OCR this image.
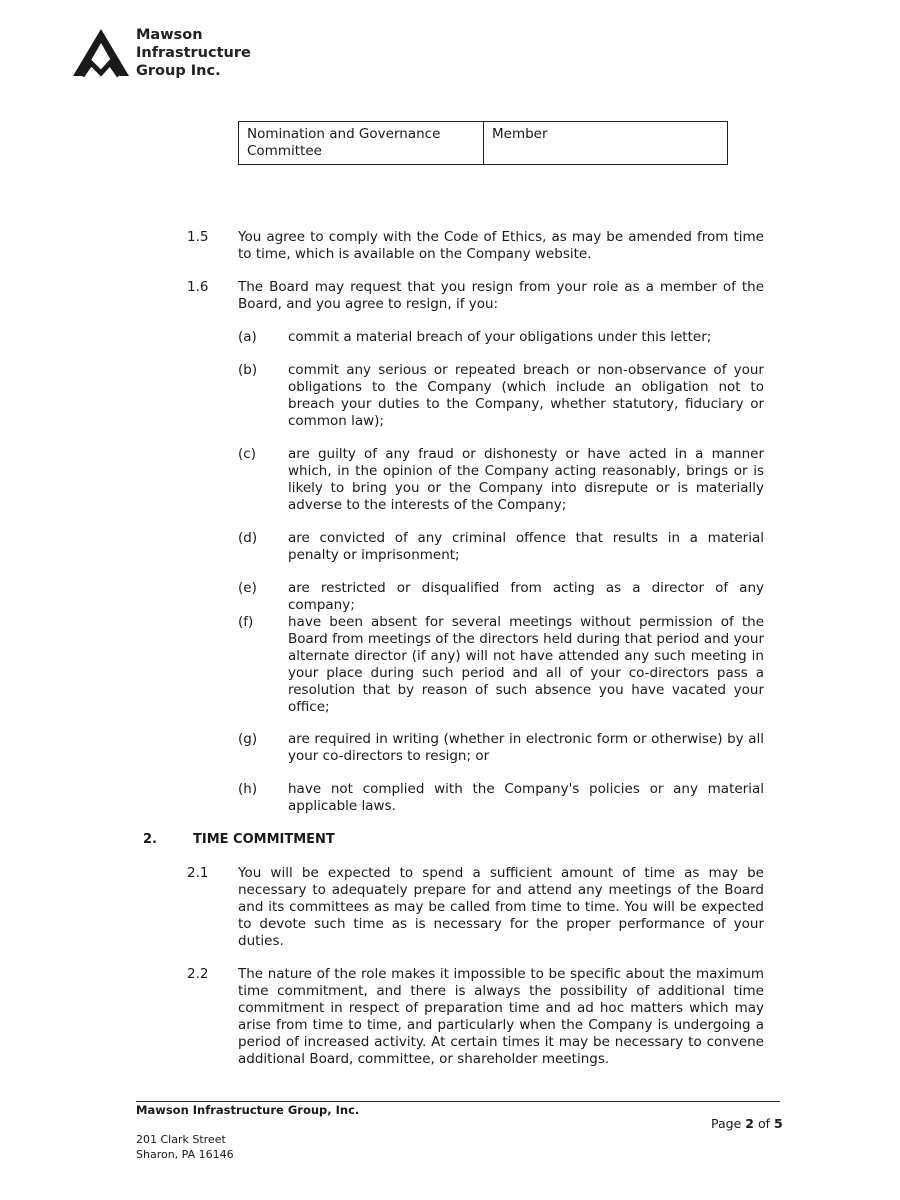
Mawson
Infrastructure
Group Inc.
Nomination and Governance Committee	Member
1.5 You agree to comply with the Code of Ethics, as may be amended from time to time, which is available on the Company website.
1.6 The Board may request that you resign from your role as a member of the Board, and you agree to resign, if you:
(a) commit a material breach of your obligations under this letter;
(b) commit any serious or repeated breach or non-observance of your obligations to the Company (which include an obligation not to breach your duties to the Company, whether statutory, fiduciary or common law);
(c) are guilty of any fraud or dishonesty or have acted in a manner which, in the opinion of the Company acting reasonably, brings or is likely to bring you or the Company into disrepute or is materially adverse to the interests of the Company;
(d) are convicted of any criminal offence that results in a material penalty or imprisonment;
(e) are restricted or disqualified from acting as a director of any company;
(f)	have been absent for several meetings without permission of the Board from meetings of the directors held during that period and your alternate director (if any) will not have attended any such meeting in your place during such period and all of your co-directors pass a resolution that by reason of such absence you have vacated your office;
(g) are required in writing (whether in electronic form or otherwise) by all your co-directors to resign; or
(h) have not complied with the Company's policies or any material applicable laws.
2.	TIME COMMITMENT
2.1 You will be expected to spend a sufficient amount of time as may be necessary to adequately prepare for and attend any meetings of the Board and its committees as may be called from time to time. You will be expected to devote such time as is necessary for the proper performance of your duties.
2.2 The nature of the role makes it impossible to be specific about the maximum time commitment, and there is always the possibility of additional time commitment in respect of preparation time and ad hoc matters which may arise from time to time, and particularly when the Company is undergoing a period of increased activity. At certain times it may be necessary to convene additional Board, committee, or shareholder meetings.
Mawson Infrastructure Group, Inc.
201 Clark Street
Sharon, PA 16146
Page 2 of 5
